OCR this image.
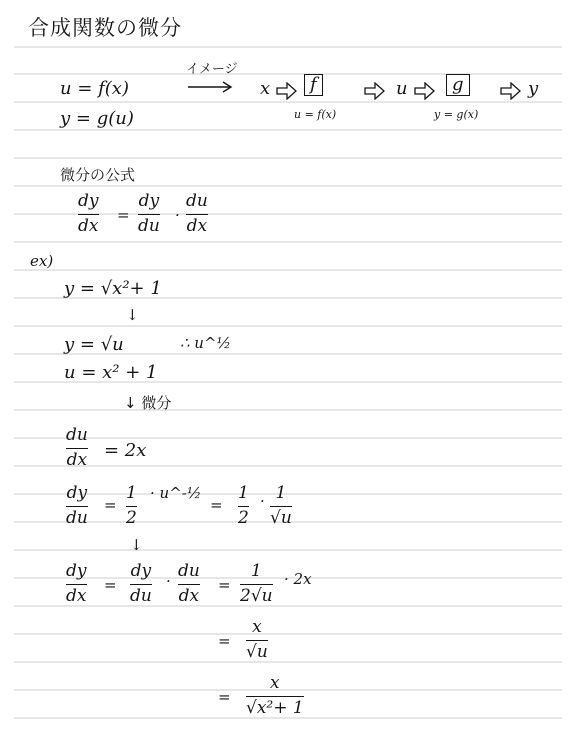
合成関数の微分
u = f(x)
y = g(u)
イメージ
x	f
u = f(x)
u	g
y = g(x)
y
微分の公式
dy
dx
=
dy
du
·
du
dx
ex)
y = √x²+ 1
↓
y = √u	∴ u^½
u = x² + 1
↓ 微分
du
dx = 2x
dy
du
=
1
2
· u^-½
=
1
2
· 1
√u
↓
dy
dx
=
dy
du
· du
dx
=
1
2√u
· 2x
=
x
√u
=
x
√x²+ 1
